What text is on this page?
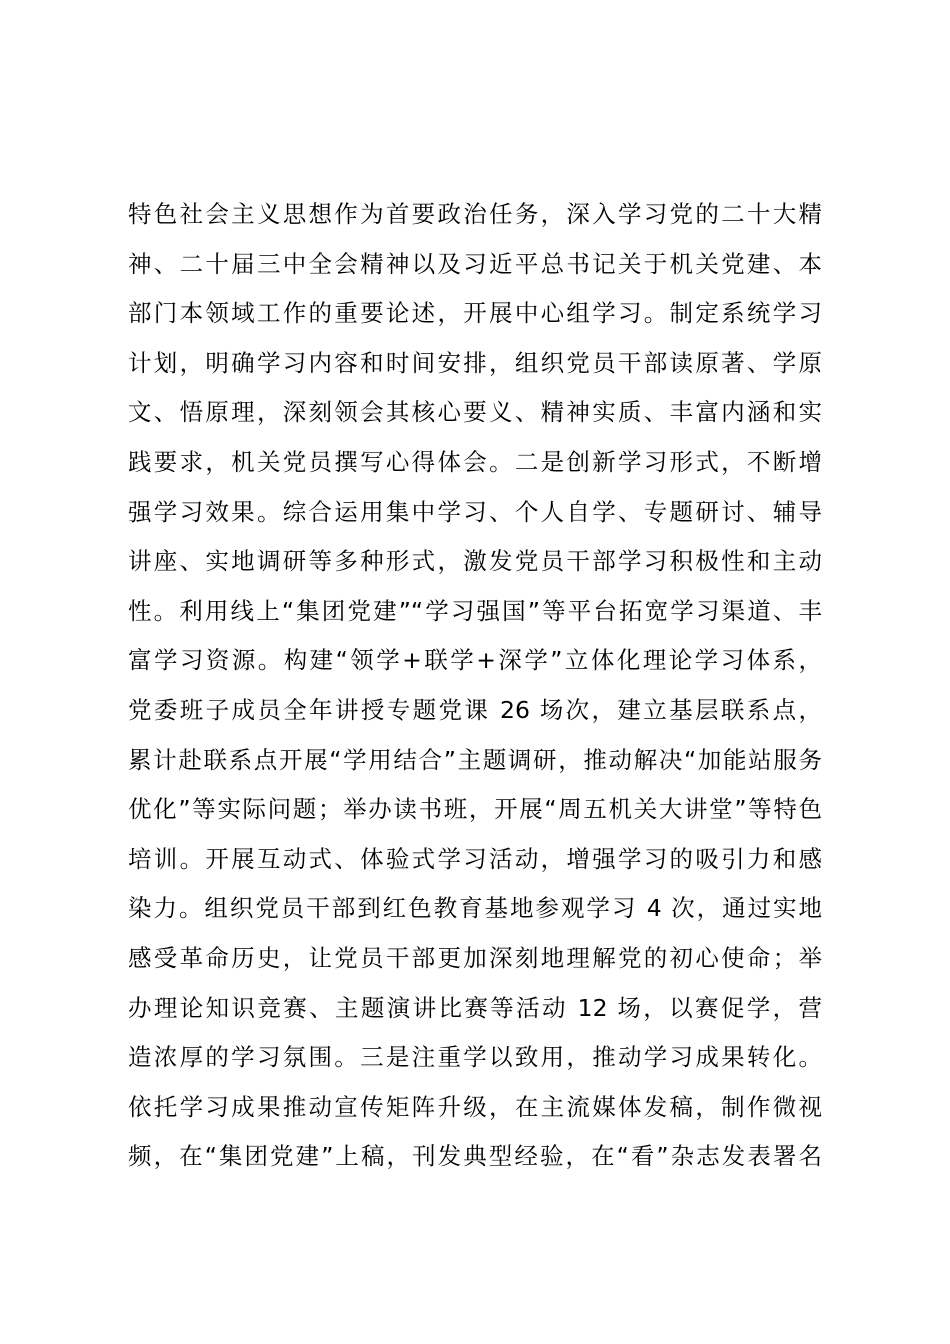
特色社会主义思想作为首要政治任务，深入学习党的二十大精
神、二十届三中全会精神以及习近平总书记关于机关党建、本
部门本领域工作的重要论述，开展中心组学习。制定系统学习
计划，明确学习内容和时间安排，组织党员干部读原著、学原
文、悟原理，深刻领会其核心要义、精神实质、丰富内涵和实
践要求，机关党员撰写心得体会。二是创新学习形式，不断增
强学习效果。综合运用集中学习、个人自学、专题研讨、辅导
讲座、实地调研等多种形式，激发党员干部学习积极性和主动
性。利用线上“集团党建”“学习强国”等平台拓宽学习渠道、丰
富学习资源。构建“领学+联学+深学”立体化理论学习体系，
党委班子成员全年讲授专题党课 26 场次，建立基层联系点，
累计赴联系点开展“学用结合”主题调研，推动解决“加能站服务
优化”等实际问题；举办读书班，开展“周五机关大讲堂”等特色
培训。开展互动式、体验式学习活动，增强学习的吸引力和感
染力。组织党员干部到红色教育基地参观学习 4 次，通过实地
感受革命历史，让党员干部更加深刻地理解党的初心使命；举
办理论知识竞赛、主题演讲比赛等活动 12 场，以赛促学，营
造浓厚的学习氛围。三是注重学以致用，推动学习成果转化。
依托学习成果推动宣传矩阵升级，在主流媒体发稿，制作微视
频，在“集团党建”上稿，刊发典型经验，在“看”杂志发表署名
